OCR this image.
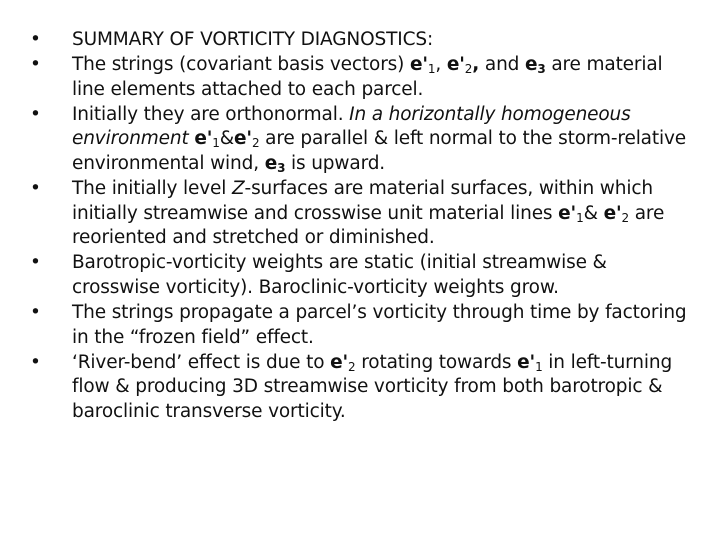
• SUMMARY OF VORTICITY DIAGNOSTICS:
• The strings (covariant basis vectors) $e'_1$, $e'_2$, and $e_3$ are material line elements attached to each parcel.
• Initially they are orthonormal. In a horizontally homogeneous environment $e'_1\&e'_2$ are parallel & left normal to the storm-relative environmental wind, $e_3$ is upward.
• The initially level Z-surfaces are material surfaces, within which initially streamwise and crosswise unit material lines $e'_1\&$ $e'_2$ are reoriented and stretched or diminished.
• Barotropic-vorticity weights are static (initial streamwise & crosswise vorticity). Baroclinic-vorticity weights grow.
• The strings propagate a parcel’s vorticity through time by factoring in the “frozen field” effect.
• ‘River-bend’ effect is due to $e'_2$ rotating towards $e'_1$ in left-turning flow & producing 3D streamwise vorticity from both barotropic & baroclinic transverse vorticity.
